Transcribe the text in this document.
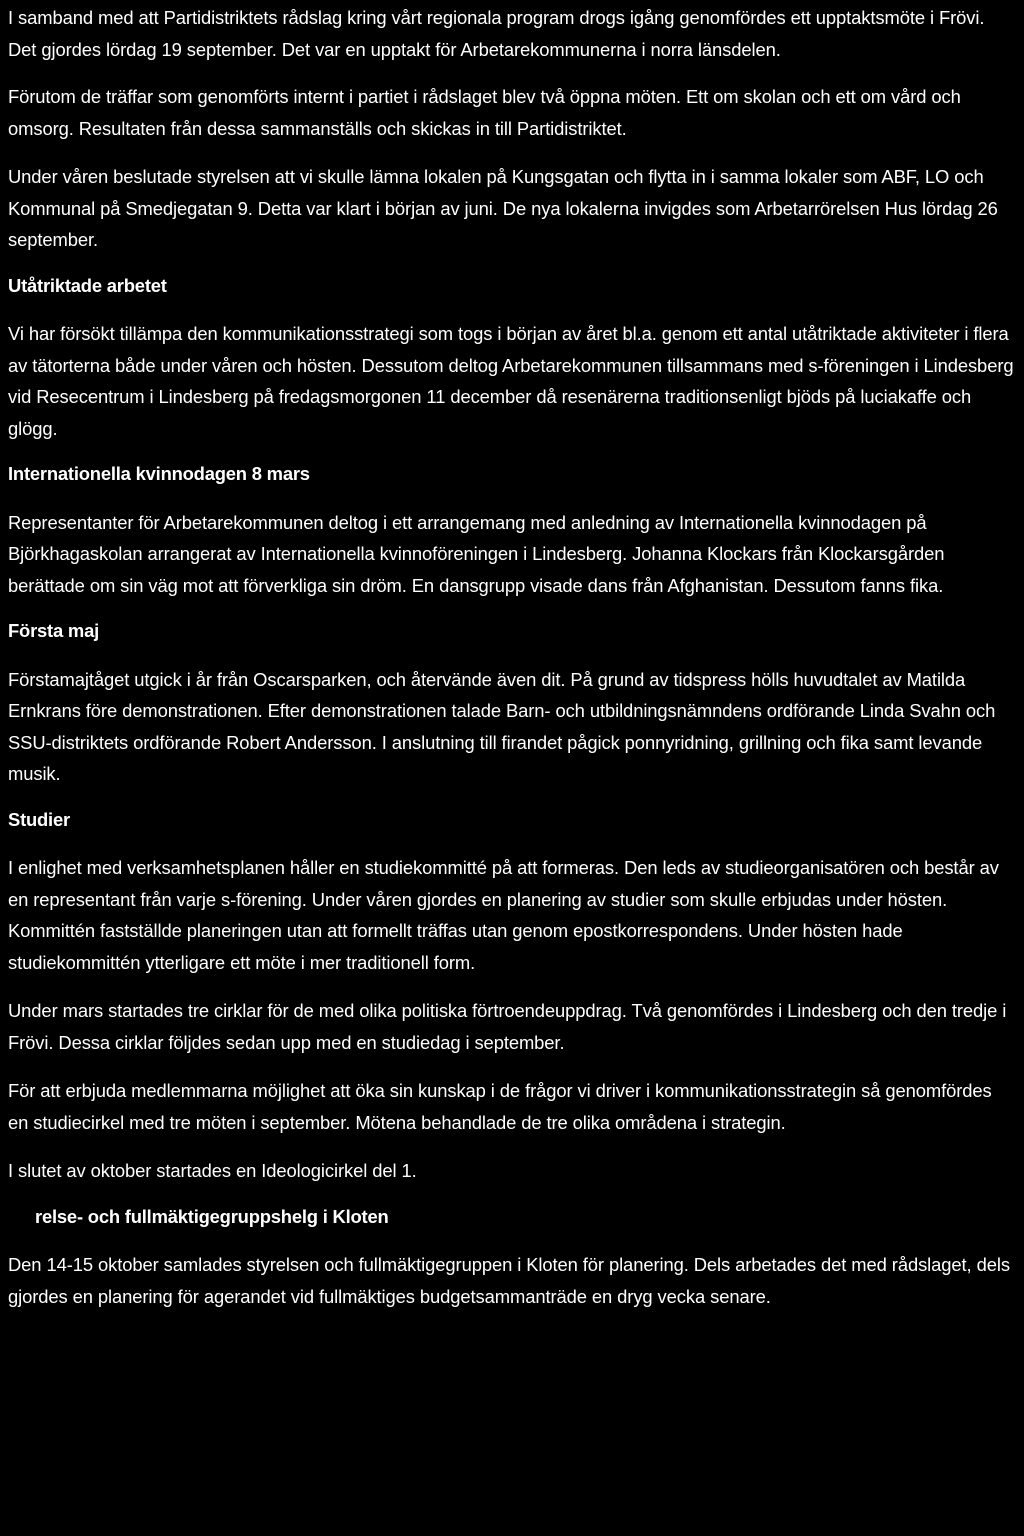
I samband med att Partidistriktets rådslag kring vårt regionala program drogs igång genomfördes ett upptaktsmöte i Frövi. Det gjordes lördag 19 september. Det var en upptakt för Arbetarekommunerna i norra länsdelen.

Förutom de träffar som genomförts internt i partiet i rådslaget blev två öppna möten. Ett om skolan och ett om vård och omsorg. Resultaten från dessa sammanställs och skickas in till Partidistriktet.

Under våren beslutade styrelsen att vi skulle lämna lokalen på Kungsgatan och flytta in i samma lokaler som ABF, LO och Kommunal på Smedjegatan 9. Detta var klart i början av juni. De nya lokalerna invigdes som Arbetarrörelsen Hus lördag 26 september.

Utåtriktade arbetet

Vi har försökt tillämpa den kommunikationsstrategi som togs i början av året bl.a. genom ett antal utåtriktade aktiviteter i flera av tätorterna både under våren och hösten. Dessutom deltog Arbetarekommunen tillsammans med s-föreningen i Lindesberg vid Resecentrum i Lindesberg på fredagsmorgonen 11 december då resenärerna traditionsenligt bjöds på luciakaffe och glögg.

Internationella kvinnodagen 8 mars

Representanter för Arbetarekommunen deltog i ett arrangemang med anledning av Internationella kvinnodagen på Björkhagaskolan arrangerat av Internationella kvinnoföreningen i Lindesberg. Johanna Klockars från Klockarsgården berättade om sin väg mot att förverkliga sin dröm. En dansgrupp visade dans från Afghanistan. Dessutom fanns fika.

Första maj

Förstamajtåget utgick i år från Oscarsparken, och återvände även dit. På grund av tidspress hölls huvudtalet av Matilda Ernkrans före demonstrationen. Efter demonstrationen talade Barn- och utbildningsnämndens ordförande Linda Svahn och SSU-distriktets ordförande Robert Andersson. I anslutning till firandet pågick ponnyridning, grillning och fika samt levande musik.

Studier

I enlighet med verksamhetsplanen håller en studiekommitté på att formeras. Den leds av studieorganisatören och består av en representant från varje s-förening. Under våren gjordes en planering av studier som skulle erbjudas under hösten. Kommittén fastställde planeringen utan att formellt träffas utan genom epostkorrespondens. Under hösten hade studiekommittén ytterligare ett möte i mer traditionell form.

Under mars startades tre cirklar för de med olika politiska förtroendeuppdrag. Två genomfördes i Lindesberg och den tredje i Frövi. Dessa cirklar följdes sedan upp med en studiedag i september.

För att erbjuda medlemmarna möjlighet att öka sin kunskap i de frågor vi driver i kommunikationsstrategin så genomfördes en studiecirkel med tre möten i september. Mötena behandlade de tre olika områdena i strategin.

I slutet av oktober startades en Ideologicirkel del 1.

relse- och fullmäktigegruppshelg i Kloten

Den 14-15 oktober samlades styrelsen och fullmäktigegruppen i Kloten för planering. Dels arbetades det med rådslaget, dels gjordes en planering för agerandet vid fullmäktiges budgetsammanträde en dryg vecka senare.
